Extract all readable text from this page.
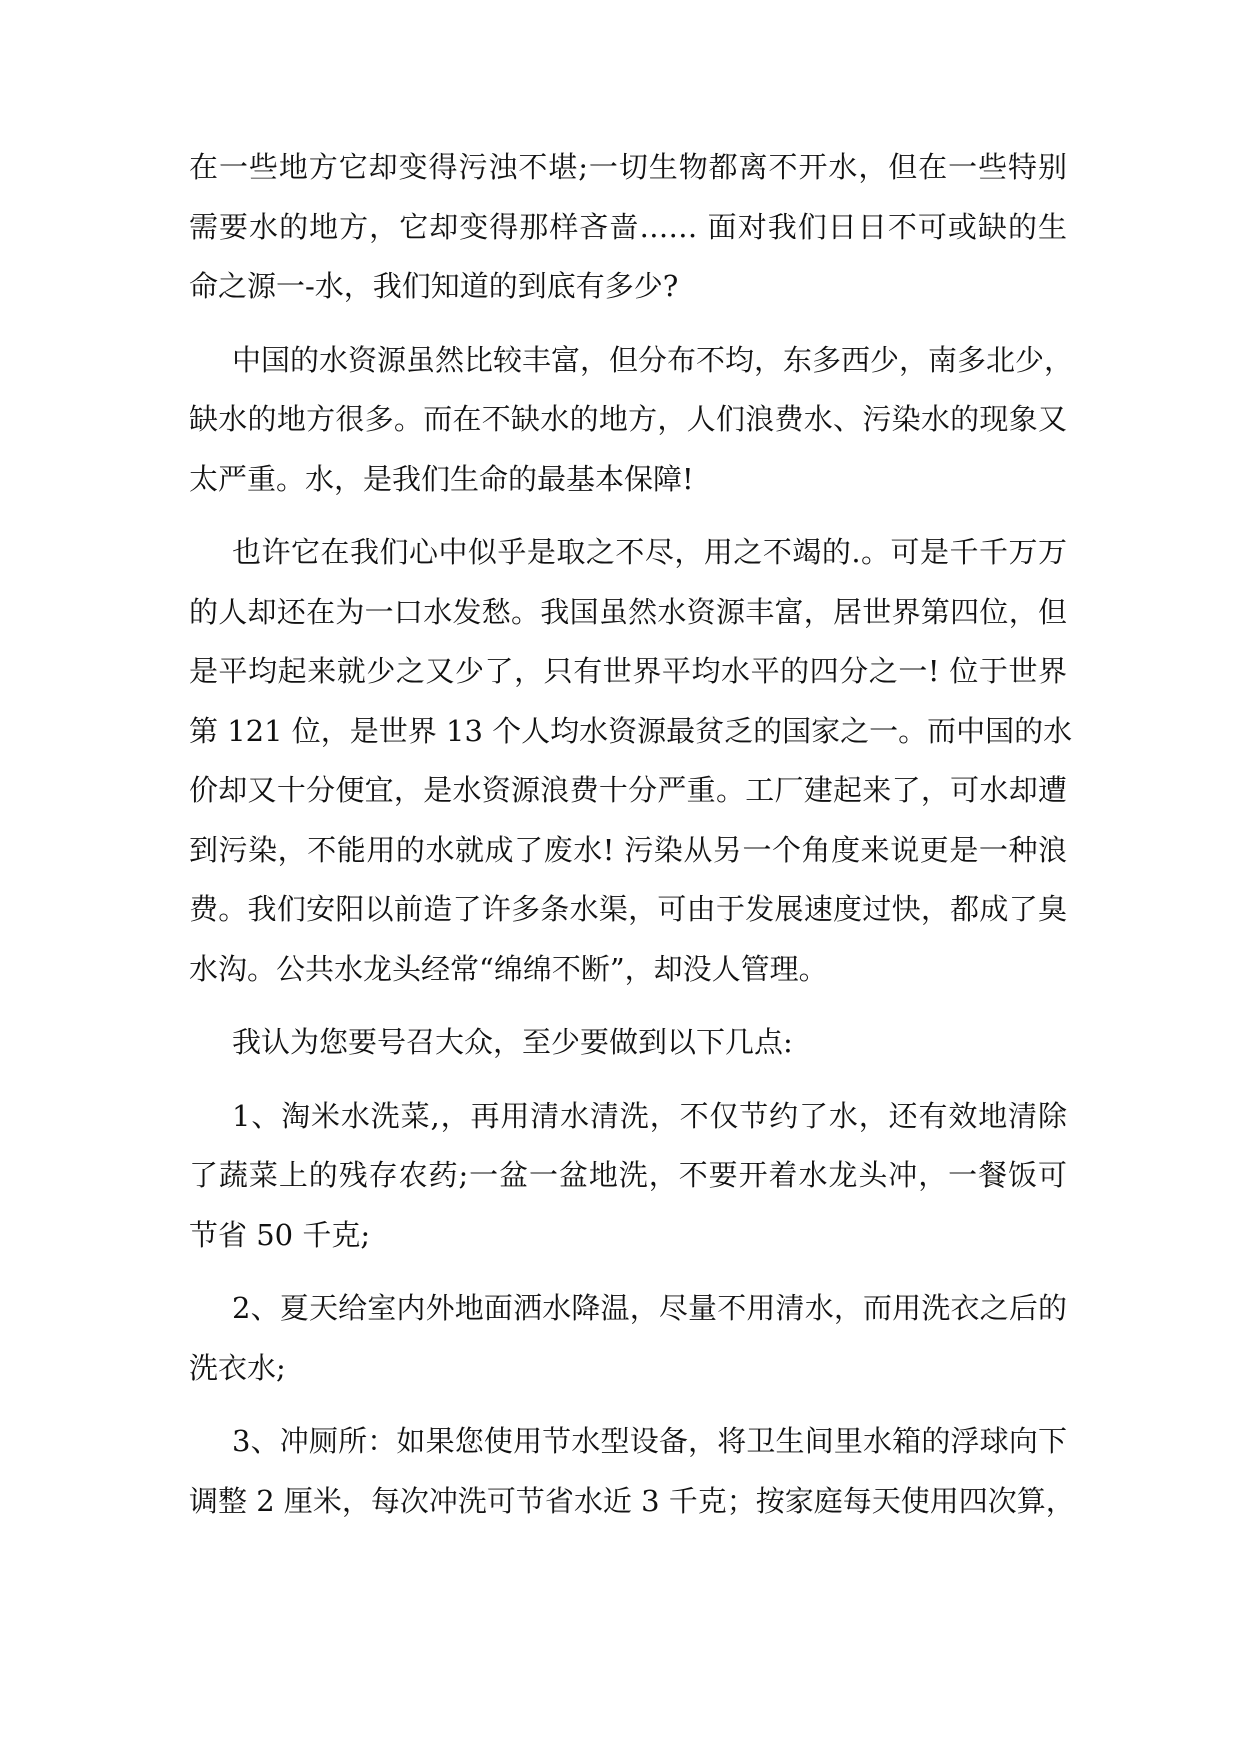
在一些地方它却变得污浊不堪;一切生物都离不开水，但在一些特别
需要水的地方，它却变得那样吝啬…… 面对我们日日不可或缺的生
命之源一-水，我们知道的到底有多少?
中国的水资源虽然比较丰富，但分布不均，东多西少，南多北少，
缺水的地方很多。而在不缺水的地方，人们浪费水、污染水的现象又
太严重。水，是我们生命的最基本保障!
也许它在我们心中似乎是取之不尽，用之不竭的.。可是千千万万
的人却还在为一口水发愁。我国虽然水资源丰富，居世界第四位，但
是平均起来就少之又少了，只有世界平均水平的四分之一! 位于世界
第 121 位，是世界 13 个人均水资源最贫乏的国家之一。而中国的水
价却又十分便宜，是水资源浪费十分严重。工厂建起来了，可水却遭
到污染，不能用的水就成了废水! 污染从另一个角度来说更是一种浪
费。我们安阳以前造了许多条水渠，可由于发展速度过快，都成了臭
水沟。公共水龙头经常“绵绵不断”，却没人管理。
我认为您要号召大众，至少要做到以下几点:
1、淘米水洗菜,，再用清水清洗，不仅节约了水，还有效地清除
了蔬菜上的残存农药;一盆一盆地洗，不要开着水龙头冲，一餐饭可
节省 50 千克;
2、夏天给室内外地面洒水降温，尽量不用清水，而用洗衣之后的
洗衣水;
3、冲厕所：如果您使用节水型设备，将卫生间里水箱的浮球向下
调整 2 厘米，每次冲洗可节省水近 3 千克；按家庭每天使用四次算，
